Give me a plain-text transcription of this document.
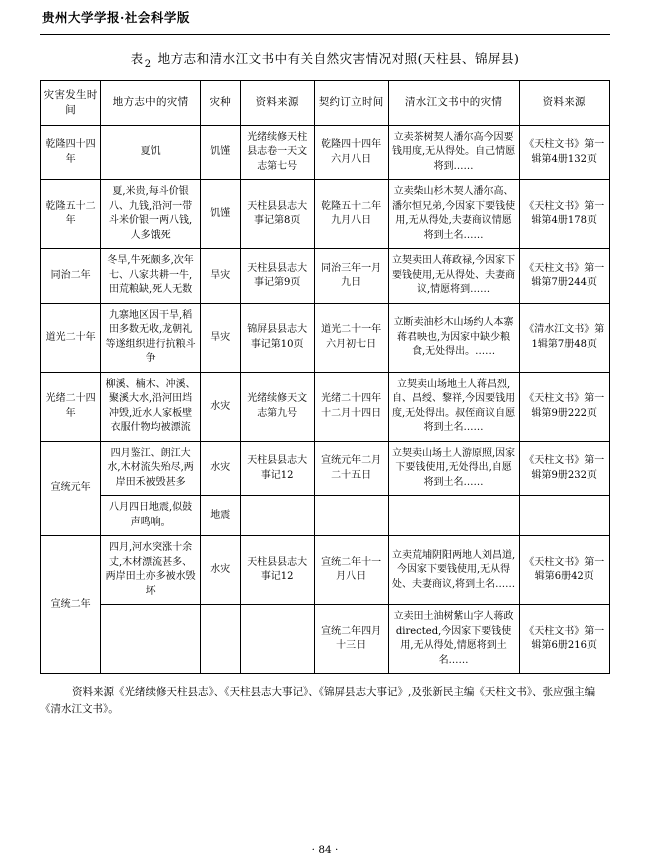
贵州大学学报·社会科学版
表$_2$ 地方志和清水江文书中有关自然灾害情况对照(天柱县、锦屏县)
灾害发生时间	地方志中的灾情	灾种	资料来源	契约订立时间	清水江文书中的灾情	资料来源
乾隆四十四年	夏饥	饥馑	光绪续修天柱县志卷一天文志第七号	乾隆四十四年六月八日	立卖茶树契人潘尔高今因要钱用度,无从得处。自己情愿将到……	《天柱文书》第一辑第4册132页
乾隆五十二年	夏,米贵,每斗价银八、九钱,沿河一带斗米价银一两八钱,人多饿死	饥馑	天柱县县志大事记第8页	乾隆五十二年九月八日	立卖柴山杉木契人潘尔高、潘尔恒兄弟,今因家下要钱使用,无从得处,夫妻商议情愿将到土名……	《天柱文书》第一辑第4册178页
同治二年	冬旱,牛死颇多,次年七、八家共耕一牛,田荒粮缺,死人无数	旱灾	天柱县县志大事记第9页	同治三年一月九日	立契卖田人蒋政禄,今因家下要钱使用,无从得处、夫妻商议,情愿将到……	《天柱文书》第一辑第7册244页
道光二十年	九寨地区因干旱,稻田多数无收,龙朝礼等遂组织进行抗粮斗争	旱灾	锦屏县县志大事记第10页	道光二十一年六月初七日	立断卖油杉木山场约人本寨蒋君映也,为因家中缺少粮食,无处得出。……	《清水江文书》第1辑第7册48页
光绪二十四年	柳溪、楠木、冲溪、聚溪大水,沿河田垱冲毁,近水人家板壁衣服什物均被漂流	水灾	光绪续修天文志第九号	光绪二十四年十二月十四日	立契卖山场地土人蒋昌烈,自、昌绶、黎祥,今因要钱用度,无处得出。叔侄商议自愿将到土名……	《天柱文书》第一辑第9册222页
宣统元年	四月鉴江、朗江大水,木材流失殆尽,两岸田禾被毁甚多	水灾	天柱县县志大事记12	宣统元年二月二十五日	立契卖山场土人游原照,因家下要钱使用,无处得出,自愿将到土名……	《天柱文书》第一辑第9册232页
	八月四日地震,似鼓声鸣响。	地震				
宣统二年	四月,河水突涨十余丈,木材漂流甚多、两岸田土亦多被水毁坏	水灾	天柱县县志大事记12	宣统二年十一月八日	立卖荒埔阴阳两地人刘昌道,今因家下要钱使用,无从得处、夫妻商议,将到土名……	《天柱文书》第一辑第6册42页
				宣统二年四月十三日	立卖田土油树紫山字人蒋政directed,今因家下要钱使用,无从得处,情愿将到土名……	《天柱文书》第一辑第6册216页
资料来源《光绪续修天柱县志》、《天柱县志大事记》、《锦屏县志大事记》,及张新民主编《天柱文书》、张应强主编《清水江文书》。
· 84 ·
